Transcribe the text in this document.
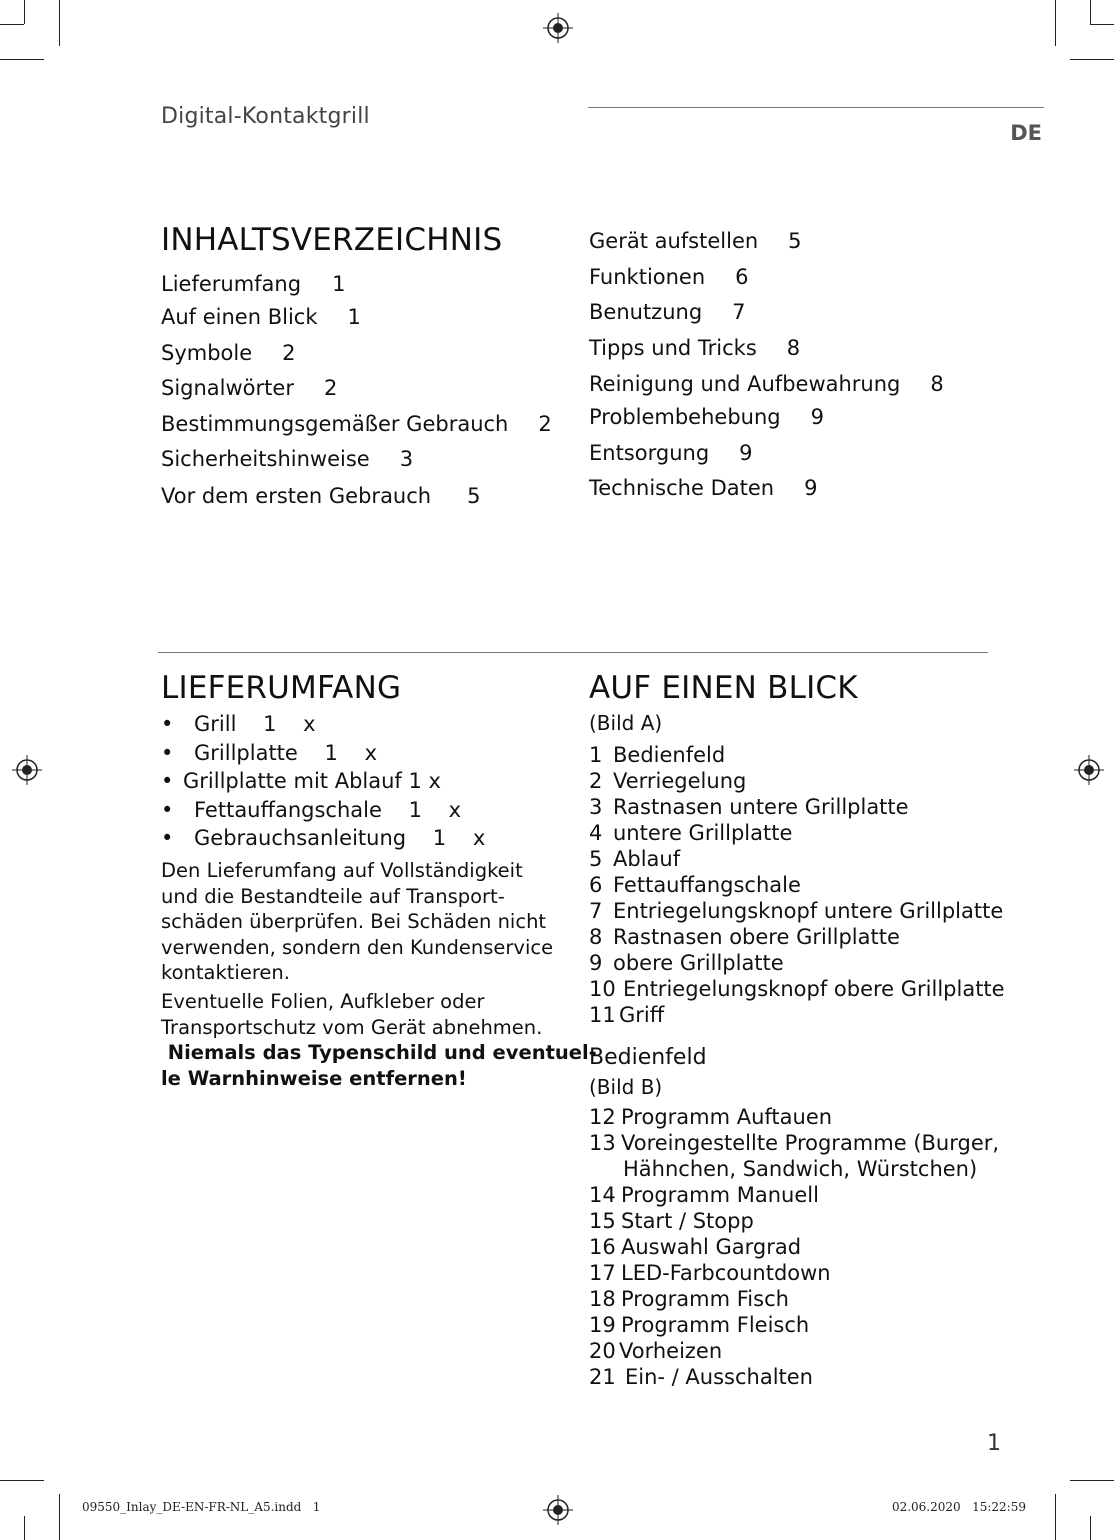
Digital-Kontaktgrill
DE
INHALTSVERZEICHNIS
Lieferumfang 1
Auf einen Blick 1
Symbole 2
Signalwörter 2
Bestimmungsgemäßer Gebrauch 2
Sicherheitshinweise 3
Vor dem ersten Gebrauch 5
Gerät aufstellen 5
Funktionen 6
Benutzung 7
Tipps und Tricks 8
Reinigung und Aufbewahrung 8
Problembehebung 9
Entsorgung 9
Technische Daten 9
LIEFERUMFANG
• Grill    1    x
• Grillplatte    1    x
• Grillplatte mit Ablauf 1 x
• Fettauffangschale    1    x
• Gebrauchsanleitung    1    x
Den Lieferumfang auf Vollständigkeit
und die Bestandteile auf Transport-
schäden überprüfen. Bei Schäden nicht
verwenden, sondern den Kundenservice
kontaktieren.
Eventuelle Folien, Aufkleber oder
Transportschutz vom Gerät abnehmen.
Niemals das Typenschild und eventuel-
le Warnhinweise entfernen!
AUF EINEN BLICK
(Bild A)
1 Bedienfeld
2 Verriegelung
3 Rastnasen untere Grillplatte
4 untere Grillplatte
5 Ablauf
6 Fettauffangschale
7 Entriegelungsknopf untere Grillplatte
8 Rastnasen obere Grillplatte
9 obere Grillplatte
10 Entriegelungsknopf obere Grillplatte
11 Griff
Bedienfeld
(Bild B)
12 Programm Auftauen
13 Voreingestellte Programme (Burger,
Hähnchen, Sandwich, Würstchen)
14 Programm Manuell
15 Start / Stopp
16 Auswahl Gargrad
17 LED-Farbcountdown
18 Programm Fisch
19 Programm Fleisch
20 Vorheizen
21 Ein- / Ausschalten
1
09550_Inlay_DE-EN-FR-NL_A5.indd   1	02.06.2020   15:22:59
